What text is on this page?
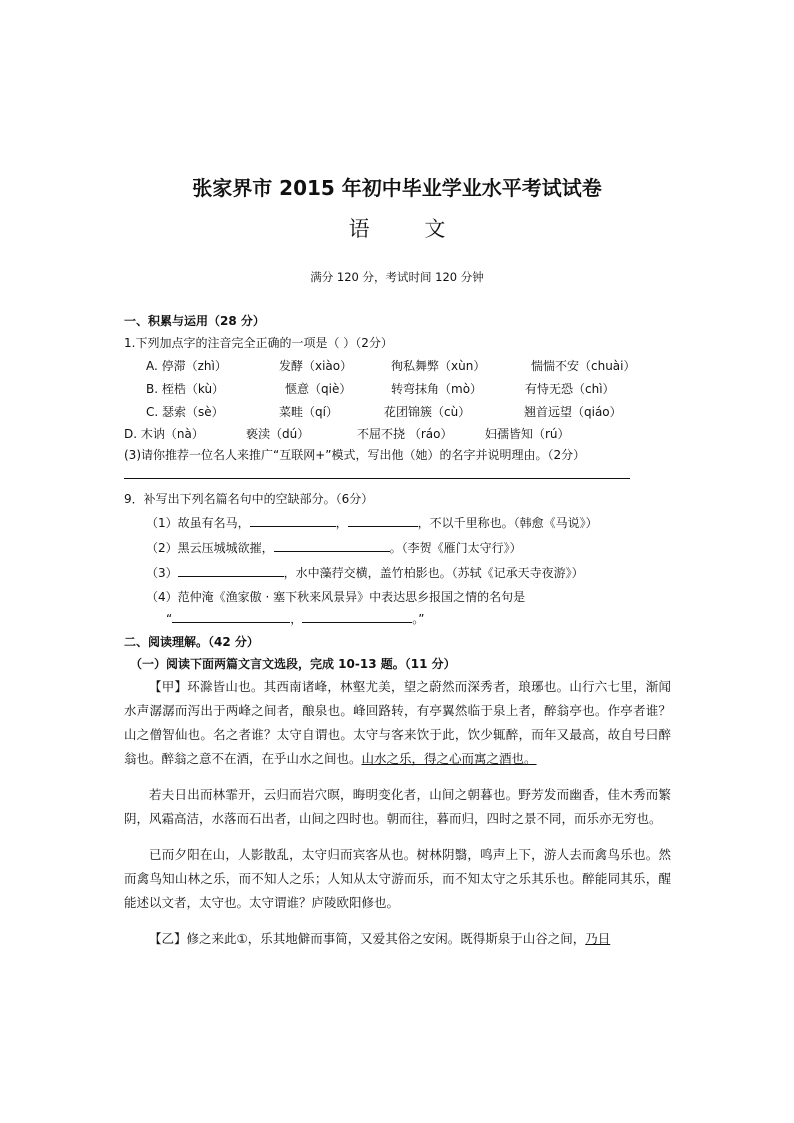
张家界市 2015 年初中毕业学业水平考试试卷
语	文
满分 120 分，考试时间 120 分钟
一、积累与运用（28 分）
1.下列加点字的注音完全正确的一项是（ ）（2分）
A. 停滞（zhì）	发酵（xiào）	徇私舞弊（xùn）	惴惴不安（chuài）
B. 桎梏（kù）	惬意（qiè）	转弯抹角（mò）	有恃无恐（chì）
C. 瑟索（sè）	菜畦（qí）	花团锦簇（cù）	翘首远望（qiáo）
D. 木讷（nà）	亵渎（dú）	不屈不挠 （ráo）	妇孺皆知（rú）
(3)请你推荐一位名人来推广“互联网+”模式，写出他（她）的名字并说明理由。（2分）
9．补写出下列名篇名句中的空缺部分。（6分）
（1）故虽有名马，	，	，不以千里称也。（韩愈《马说》）
（2）黑云压城城欲摧，	。（李贺《雁门太守行》）
（3）	，水中藻荇交横，盖竹柏影也。（苏轼《记承天寺夜游》）
（4）范仲淹《渔家傲 · 塞下秋来风景异》中表达思乡报国之情的名句是
“	，	。”
二、阅读理解。（42 分）
（一）阅读下面两篇文言文选段，完成 10-13 题。（11 分）

【甲】环滁皆山也。其西南诸峰，林壑尤美，望之蔚然而深秀者，琅琊也。山行六七里，渐闻水声潺潺而泻出于两峰之间者，酿泉也。峰回路转，有亭翼然临于泉上者，醉翁亭也。作亭者谁？山之僧智仙也。名之者谁？太守自谓也。太守与客来饮于此，饮少辄醉，而年又最高，故自号曰醉翁也。醉翁之意不在酒，在乎山水之间也。山水之乐，得之心而寓之酒也。

若夫日出而林霏开，云归而岩穴暝，晦明变化者，山间之朝暮也。野芳发而幽香，佳木秀而繁阴，风霜高洁，水落而石出者，山间之四时也。朝而往，暮而归，四时之景不同，而乐亦无穷也。

已而夕阳在山，人影散乱，太守归而宾客从也。树林阴翳，鸣声上下，游人去而禽鸟乐也。然而禽鸟知山林之乐，而不知人之乐；人知从太守游而乐，而不知太守之乐其乐也。醉能同其乐，醒能述以文者，太守也。太守谓谁？庐陵欧阳修也。

【乙】修之来此①，乐其地僻而事简，又爱其俗之安闲。既得斯泉于山谷之间，乃日
